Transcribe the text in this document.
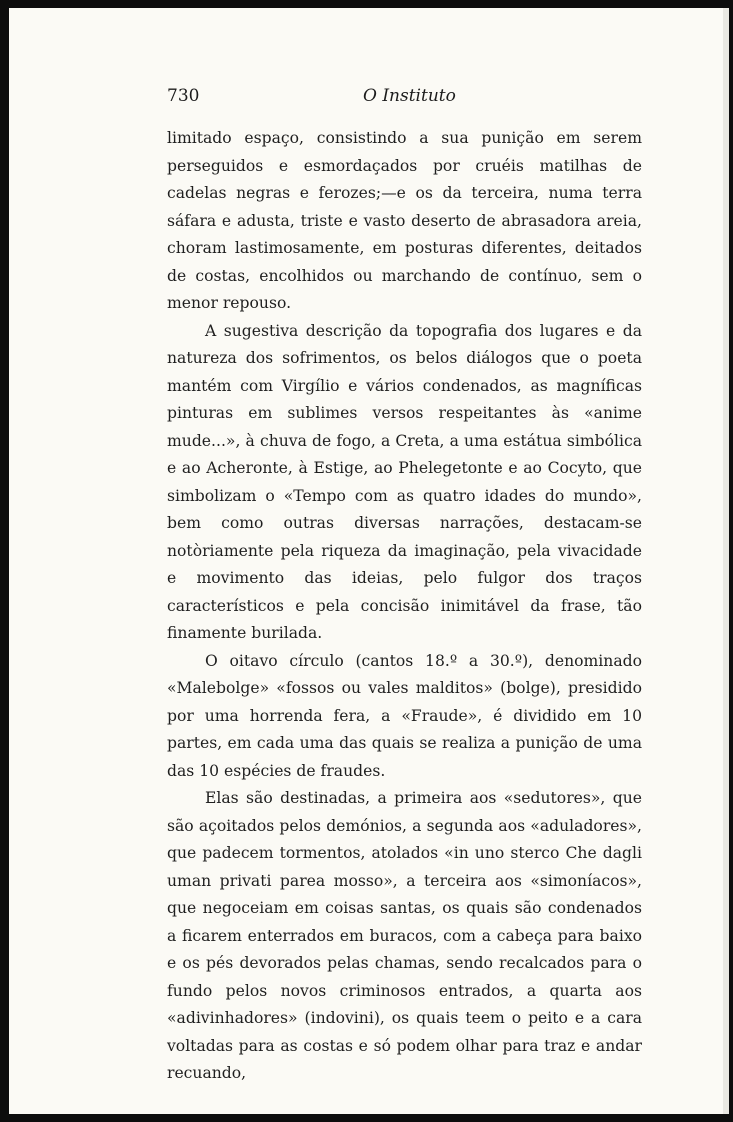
730	O Instituto

limitado espaço, consistindo a sua punição em serem perseguidos e esmordaçados por cruéis matilhas de cadelas negras e ferozes;—e os da terceira, numa terra sáfara e adusta, triste e vasto deserto de abrasadora areia, choram lastimosamente, em posturas diferentes, deitados de costas, encolhidos ou marchando de contínuo, sem o menor repouso.

A sugestiva descrição da topografia dos lugares e da natureza dos sofrimentos, os belos diálogos que o poeta mantém com Virgílio e vários condenados, as magníficas pinturas em sublimes versos respeitantes às «anime mude...», à chuva de fogo, a Creta, a uma estátua simbólica e ao Acheronte, à Estige, ao Phelegetonte e ao Cocyto, que simbolizam o «Tempo com as quatro idades do mundo», bem como outras diversas narrações, destacam-se notòriamente pela riqueza da imaginação, pela vivacidade e movimento das ideias, pelo fulgor dos traços característicos e pela concisão inimitável da frase, tão finamente burilada.

O oitavo círculo (cantos 18.º a 30.º), denominado «Malebolge» «fossos ou vales malditos» (bolge), presidido por uma horrenda fera, a «Fraude», é dividido em 10 partes, em cada uma das quais se realiza a punição de uma das 10 espécies de fraudes.

Elas são destinadas, a primeira aos «sedutores», que são açoitados pelos demónios, a segunda aos «aduladores», que padecem tormentos, atolados «in uno sterco Che dagli uman privati parea mosso», a terceira aos «simoníacos», que negoceiam em coisas santas, os quais são condenados a ficarem enterrados em buracos, com a cabeça para baixo e os pés devorados pelas chamas, sendo recalcados para o fundo pelos novos criminosos entrados, a quarta aos «adivinhadores» (indovini), os quais teem o peito e a cara voltadas para as costas e só podem olhar para traz e andar recuando,
